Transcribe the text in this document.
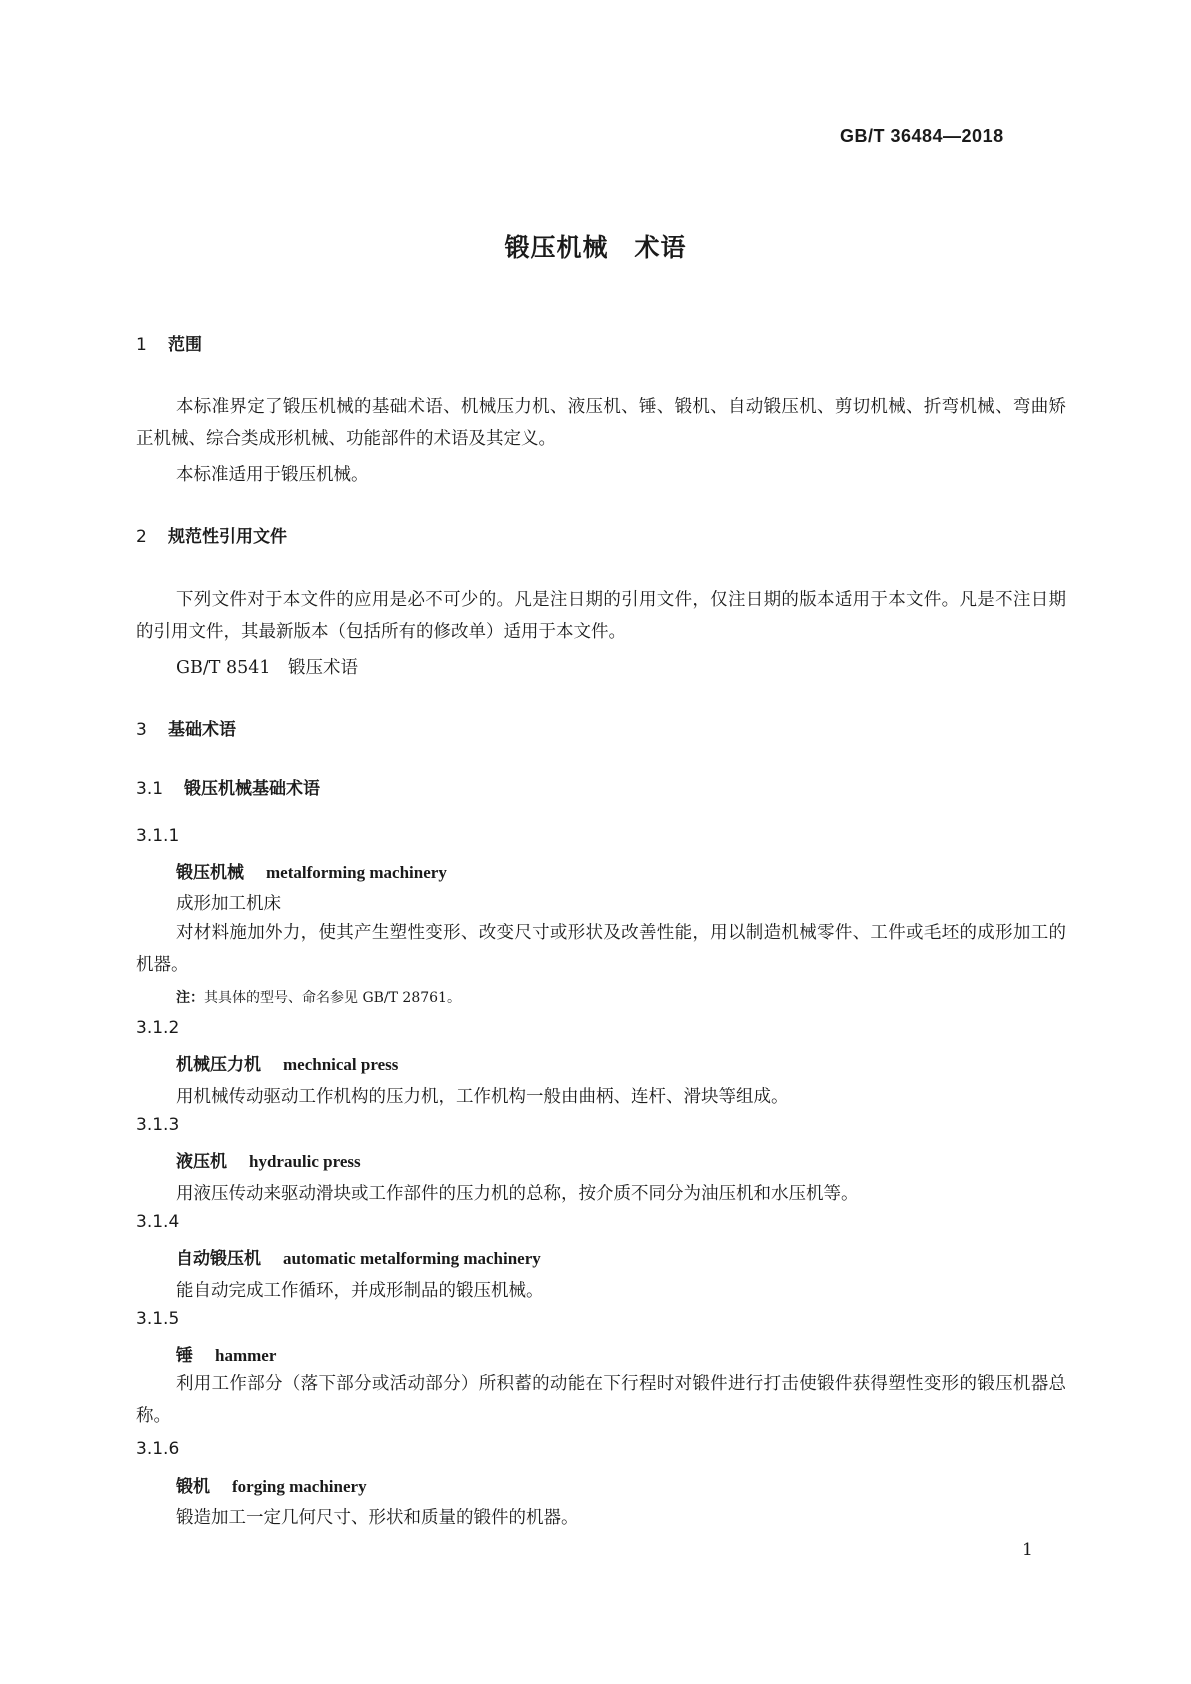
GB/T 36484—2018
锻压机械　术语
1 范围
本标准界定了锻压机械的基础术语、机械压力机、液压机、锤、锻机、自动锻压机、剪切机械、折弯机械、弯曲矫正机械、综合类成形机械、功能部件的术语及其定义。
本标准适用于锻压机械。
2 规范性引用文件
下列文件对于本文件的应用是必不可少的。凡是注日期的引用文件，仅注日期的版本适用于本文件。凡是不注日期的引用文件，其最新版本（包括所有的修改单）适用于本文件。
GB/T 8541　锻压术语
3 基础术语
3.1 锻压机械基础术语
3.1.1
锻压机械 metalforming machinery
成形加工机床
对材料施加外力，使其产生塑性变形、改变尺寸或形状及改善性能，用以制造机械零件、工件或毛坯的成形加工的机器。
注：其具体的型号、命名参见 GB/T 28761。
3.1.2
机械压力机 mechnical press
用机械传动驱动工作机构的压力机，工作机构一般由曲柄、连杆、滑块等组成。
3.1.3
液压机 hydraulic press
用液压传动来驱动滑块或工作部件的压力机的总称，按介质不同分为油压机和水压机等。
3.1.4
自动锻压机 automatic metalforming machinery
能自动完成工作循环，并成形制品的锻压机械。
3.1.5
锤 hammer
利用工作部分（落下部分或活动部分）所积蓄的动能在下行程时对锻件进行打击使锻件获得塑性变形的锻压机器总称。
3.1.6
锻机 forging machinery
锻造加工一定几何尺寸、形状和质量的锻件的机器。
1
